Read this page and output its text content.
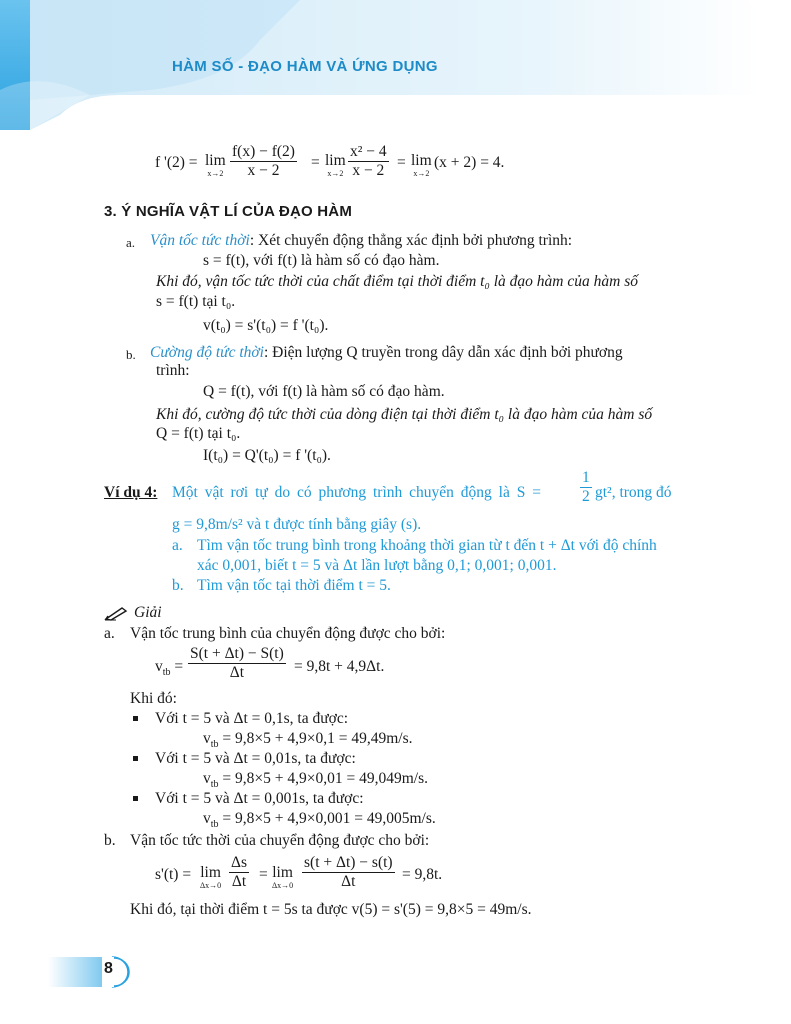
HÀM SỐ - ĐẠO HÀM VÀ ỨNG DỤNG
f '(2) = lim
x→2
f(x) − f(2)
x − 2 = lim
x→2
x² − 4
x − 2 = lim
x→2
(x + 2) = 4.
3. Ý NGHĨA VẬT LÍ CỦA ĐẠO HÀM
a. Vận tốc tức thời: Xét chuyển động thẳng xác định bởi phương trình:
s = f(t), với f(t) là hàm số có đạo hàm.
Khi đó, vận tốc tức thời của chất điểm tại thời điểm t₀ là đạo hàm của hàm số
s = f(t) tại t₀.
v(t₀) = s'(t₀) = f '(t₀).
b. Cường độ tức thời: Điện lượng Q truyền trong dây dẫn xác định bởi phương
trình:
Q = f(t), với f(t) là hàm số có đạo hàm.
Khi đó, cường độ tức thời của dòng điện tại thời điểm t₀ là đạo hàm của hàm số
Q = f(t) tại t₀.
I(t₀) = Q'(t₀) = f '(t₀).
Ví dụ 4: Một vật rơi tự do có phương trình chuyển động là S =
1
2 gt², trong đó
g = 9,8m/s² và t được tính bằng giây (s).
a. Tìm vận tốc trung bình trong khoảng thời gian từ t đến t + Δt với độ chính
xác 0,001, biết t = 5 và Δt lần lượt bằng 0,1; 0,001; 0,001.
b. Tìm vận tốc tại thời điểm t = 5.
Giải
a. Vận tốc trung bình của chuyển động được cho bởi:
$v_{tb}$ =
S(t + Δt) − S(t)
Δt	= 9,8t + 4,9Δt.
Khi đó:
Với t = 5 và Δt = 0,1s, ta được:
$v_{tb} = 9,8\times 5 + 4,9\times 0,1 = 49,49m/s$.
Với t = 5 và Δt = 0,01s, ta được:
$v_{tb} = 9,8\times 5 + 4,9\times 0,01 = 49,049m/s$.
Với t = 5 và Δt = 0,001s, ta được:
$v_{tb} = 9,8\times 5 + 4,9\times 0,001 = 49,005m/s$.
b. Vận tốc tức thời của chuyển động được cho bởi:
s'(t) = lim
Δx→0
Δs
Δt = lim
Δx→0
s(t + Δt) − s(t)
Δt	= 9,8t.
Khi đó, tại thời điểm t = 5s ta được v(5) = s'(5) = 9,8×5 = 49m/s.
8
